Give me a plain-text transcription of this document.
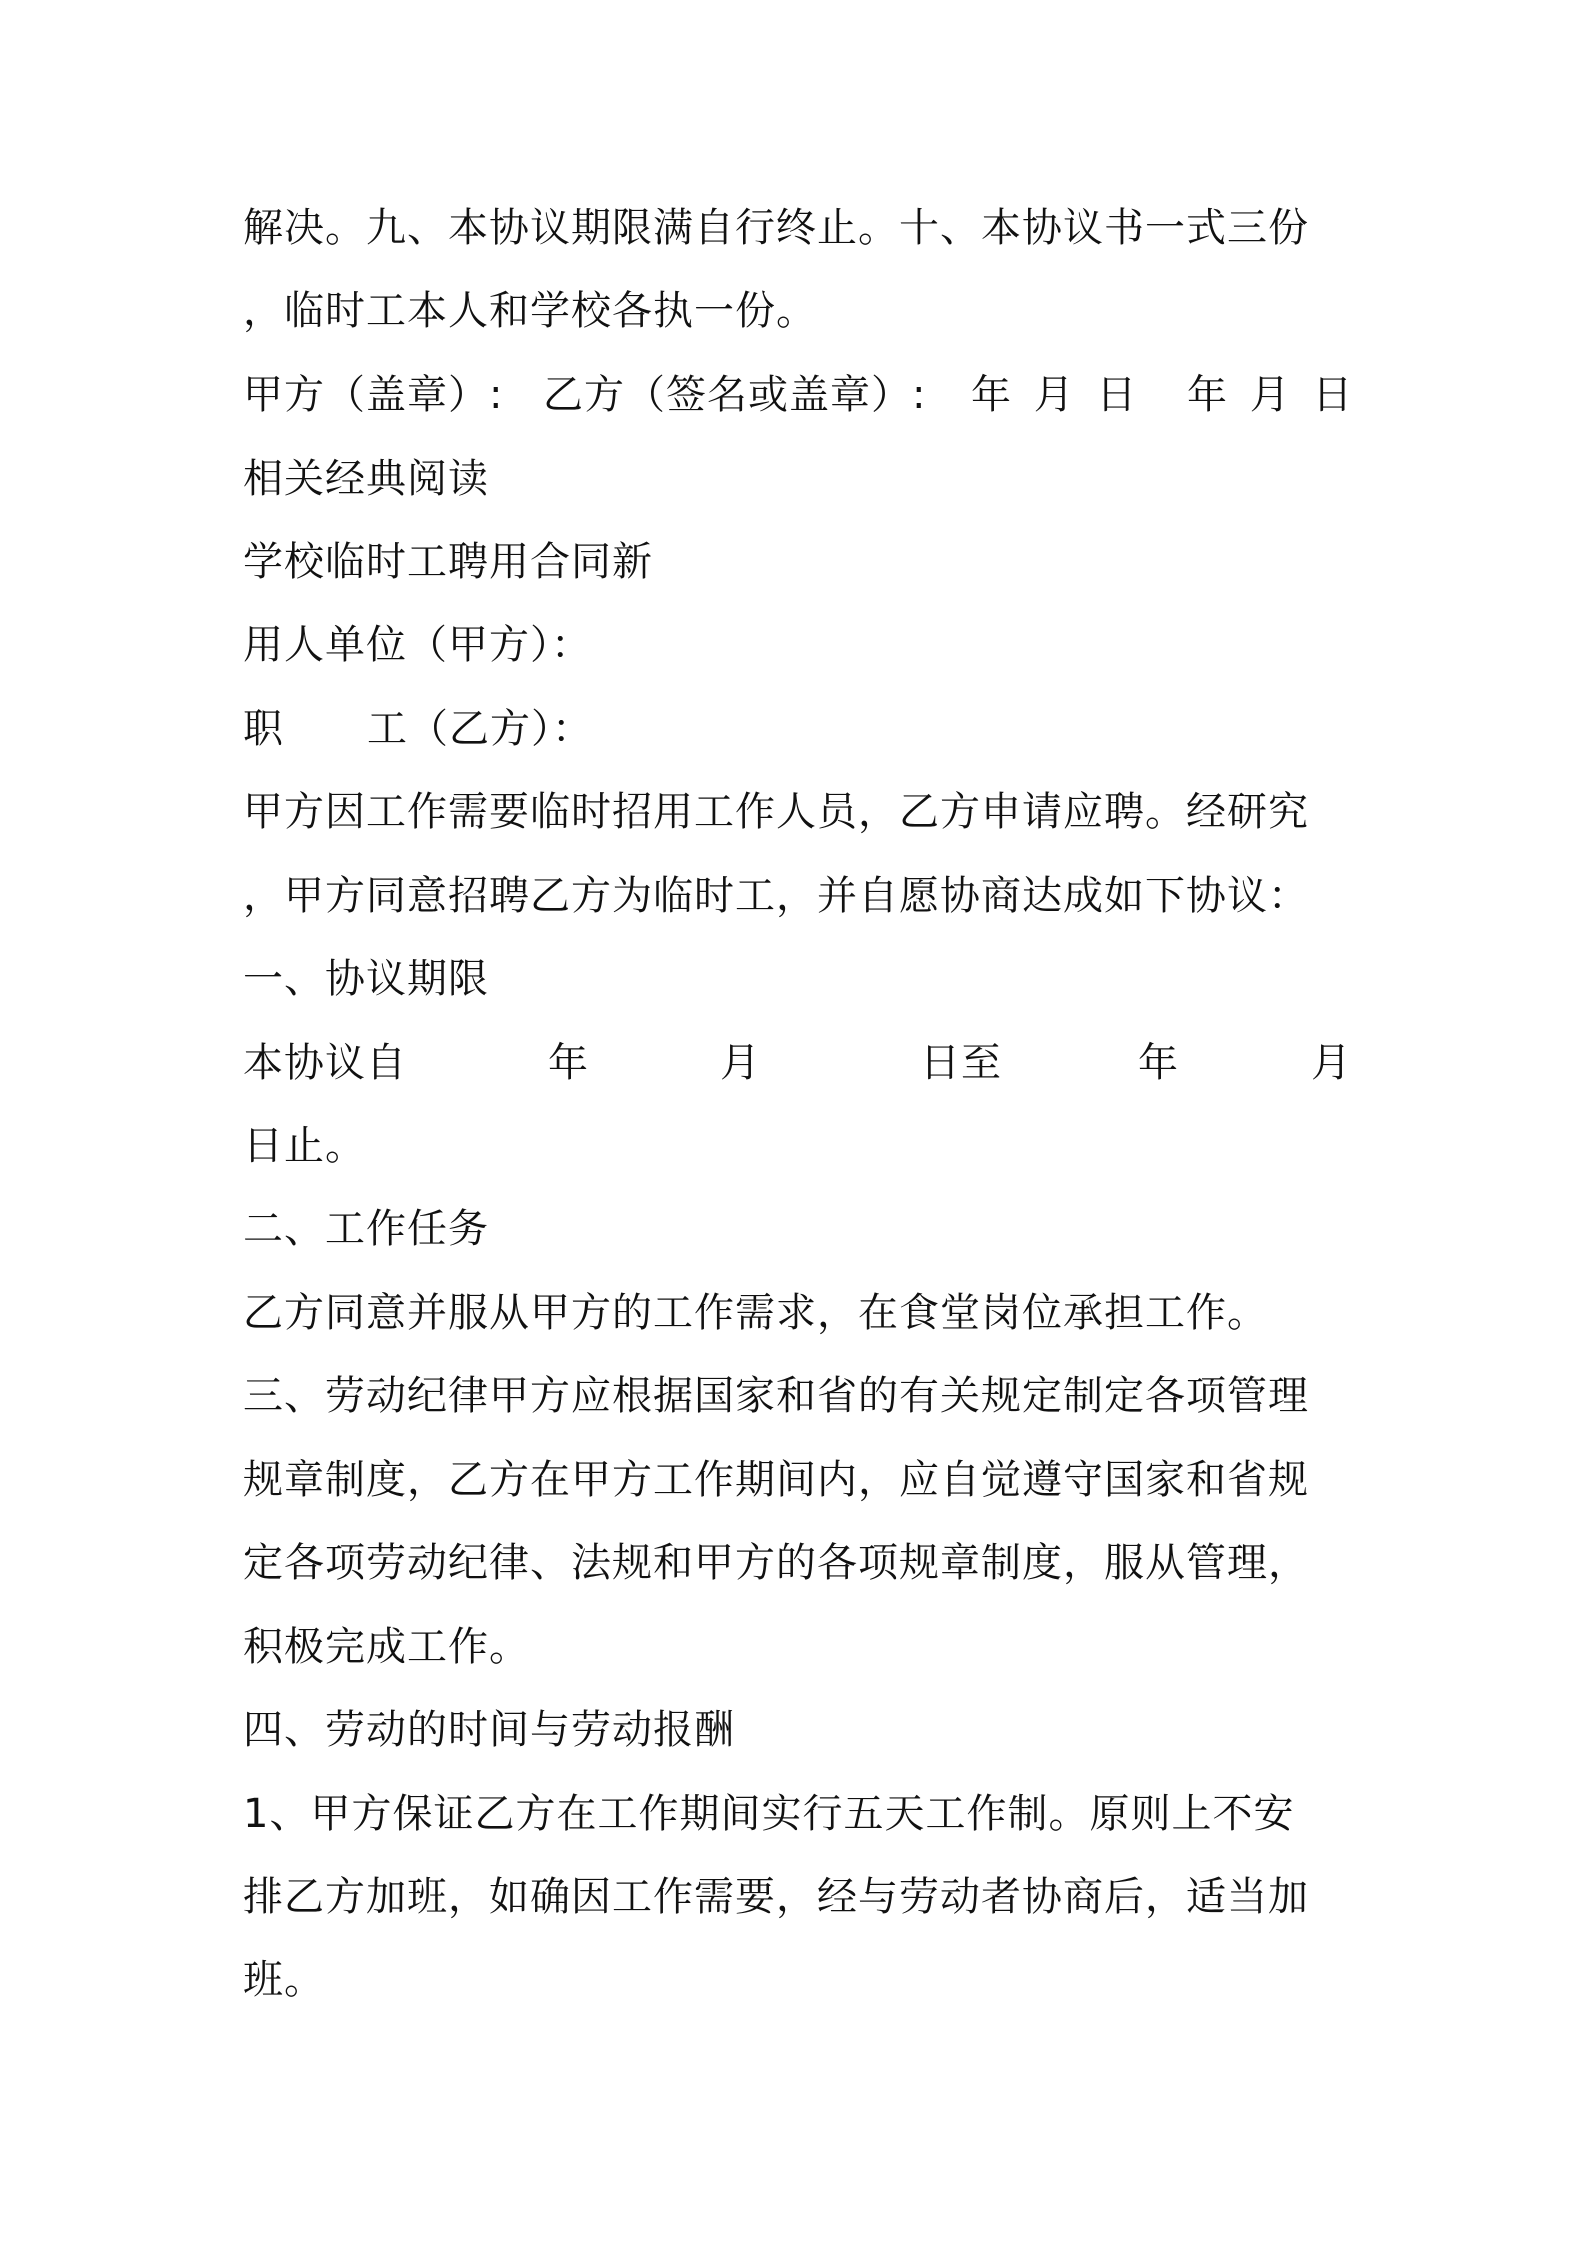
解决。九、本协议期限满自行终止。十、本协议书一式三份
，临时工本人和学校各执一份。
甲方（盖章）: 乙方（签名或盖章）: 年 月 日 年 月 日
相关经典阅读
学校临时工聘用合同新
用人单位（甲方）：
职 工（乙方）：
甲方因工作需要临时招用工作人员，乙方申请应聘。经研究
，甲方同意招聘乙方为临时工，并自愿协商达成如下协议：
一、协议期限
本协议自	年	月	日至	年	月
日止。
二、工作任务
乙方同意并服从甲方的工作需求，在食堂岗位承担工作。
三、劳动纪律甲方应根据国家和省的有关规定制定各项管理
规章制度，乙方在甲方工作期间内，应自觉遵守国家和省规
定各项劳动纪律、法规和甲方的各项规章制度，服从管理，
积极完成工作。
四、劳动的时间与劳动报酬
1、甲方保证乙方在工作期间实行五天工作制。原则上不安
排乙方加班，如确因工作需要，经与劳动者协商后，适当加
班。
